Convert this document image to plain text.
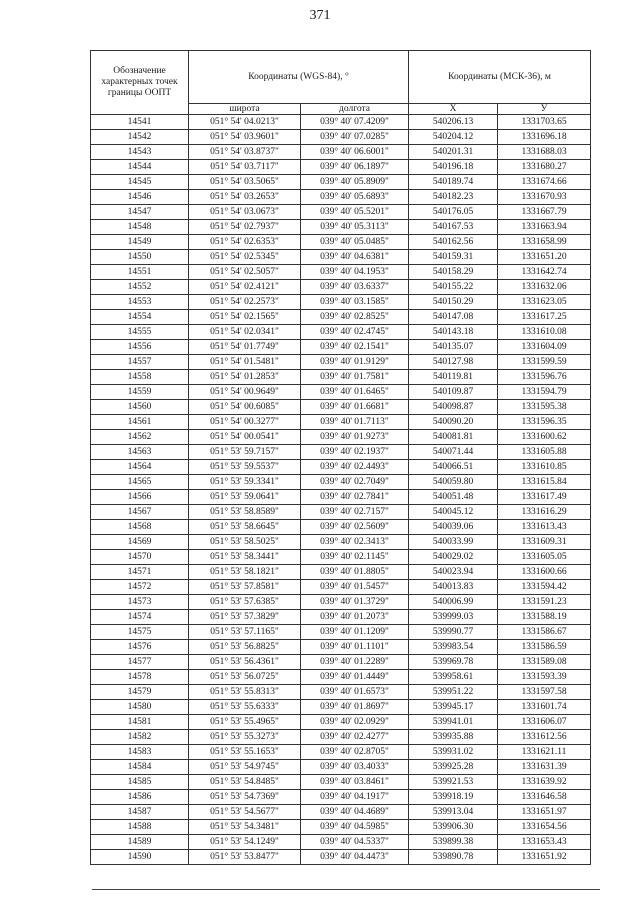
371
Обозначение характерных точек границы ООПТ	Координаты (WGS-84), °		Координаты (МСК-36), м	
	широта	долгота	X	У
14541	051° 54' 04.0213"	039° 40' 07.4209"	540206.13	1331703.65
14542	051° 54' 03.9601"	039° 40' 07.0285"	540204.12	1331696.18
14543	051° 54' 03.8737"	039° 40' 06.6001"	540201.31	1331688.03
14544	051° 54' 03.7117"	039° 40' 06.1897"	540196.18	1331680.27
14545	051° 54' 03.5065"	039° 40' 05.8909"	540189.74	1331674.66
14546	051° 54' 03.2653"	039° 40' 05.6893"	540182.23	1331670.93
14547	051° 54' 03.0673"	039° 40' 05.5201"	540176.05	1331667.79
14548	051° 54' 02.7937"	039° 40' 05.3113"	540167.53	1331663.94
14549	051° 54' 02.6353"	039° 40' 05.0485"	540162.56	1331658.99
14550	051° 54' 02.5345"	039° 40' 04.6381"	540159.31	1331651.20
14551	051° 54' 02.5057"	039° 40' 04.1953"	540158.29	1331642.74
14552	051° 54' 02.4121"	039° 40' 03.6337"	540155.22	1331632.06
14553	051° 54' 02.2573"	039° 40' 03.1585"	540150.29	1331623.05
14554	051° 54' 02.1565"	039° 40' 02.8525"	540147.08	1331617.25
14555	051° 54' 02.0341"	039° 40' 02.4745"	540143.18	1331610.08
14556	051° 54' 01.7749"	039° 40' 02.1541"	540135.07	1331604.09
14557	051° 54' 01.5481"	039° 40' 01.9129"	540127.98	1331599.59
14558	051° 54' 01.2853"	039° 40' 01.7581"	540119.81	1331596.76
14559	051° 54' 00.9649"	039° 40' 01.6465"	540109.87	1331594.79
14560	051° 54' 00.6085"	039° 40' 01.6681"	540098.87	1331595.38
14561	051° 54' 00.3277"	039° 40' 01.7113"	540090.20	1331596.35
14562	051° 54' 00.0541"	039° 40' 01.9273"	540081.81	1331600.62
14563	051° 53' 59.7157"	039° 40' 02.1937"	540071.44	1331605.88
14564	051° 53' 59.5537"	039° 40' 02.4493"	540066.51	1331610.85
14565	051° 53' 59.3341"	039° 40' 02.7049"	540059.80	1331615.84
14566	051° 53' 59.0641"	039° 40' 02.7841"	540051.48	1331617.49
14567	051° 53' 58.8589"	039° 40' 02.7157"	540045.12	1331616.29
14568	051° 53' 58.6645"	039° 40' 02.5609"	540039.06	1331613.43
14569	051° 53' 58.5025"	039° 40' 02.3413"	540033.99	1331609.31
14570	051° 53' 58.3441"	039° 40' 02.1145"	540029.02	1331605.05
14571	051° 53' 58.1821"	039° 40' 01.8805"	540023.94	1331600.66
14572	051° 53' 57.8581"	039° 40' 01.5457"	540013.83	1331594.42
14573	051° 53' 57.6385"	039° 40' 01.3729"	540006.99	1331591.23
14574	051° 53' 57.3829"	039° 40' 01.2073"	539999.03	1331588.19
14575	051° 53' 57.1165"	039° 40' 01.1209"	539990.77	1331586.67
14576	051° 53' 56.8825"	039° 40' 01.1101"	539983.54	1331586.59
14577	051° 53' 56.4361"	039° 40' 01.2289"	539969.78	1331589.08
14578	051° 53' 56.0725"	039° 40' 01.4449"	539958.61	1331593.39
14579	051° 53' 55.8313"	039° 40' 01.6573"	539951.22	1331597.58
14580	051° 53' 55.6333"	039° 40' 01.8697"	539945.17	1331601.74
14581	051° 53' 55.4965"	039° 40' 02.0929"	539941.01	1331606.07
14582	051° 53' 55.3273"	039° 40' 02.4277"	539935.88	1331612.56
14583	051° 53' 55.1653"	039° 40' 02.8705"	539931.02	1331621.11
14584	051° 53' 54.9745"	039° 40' 03.4033"	539925.28	1331631.39
14585	051° 53' 54.8485"	039° 40' 03.8461"	539921.53	1331639.92
14586	051° 53' 54.7369"	039° 40' 04.1917"	539918.19	1331646.58
14587	051° 53' 54.5677"	039° 40' 04.4689"	539913.04	1331651.97
14588	051° 53' 54.3481"	039° 40' 04.5985"	539906.30	1331654.56
14589	051° 53' 54.1249"	039° 40' 04.5337"	539899.38	1331653.43
14590	051° 53' 53.8477"	039° 40' 04.4473"	539890.78	1331651.92
